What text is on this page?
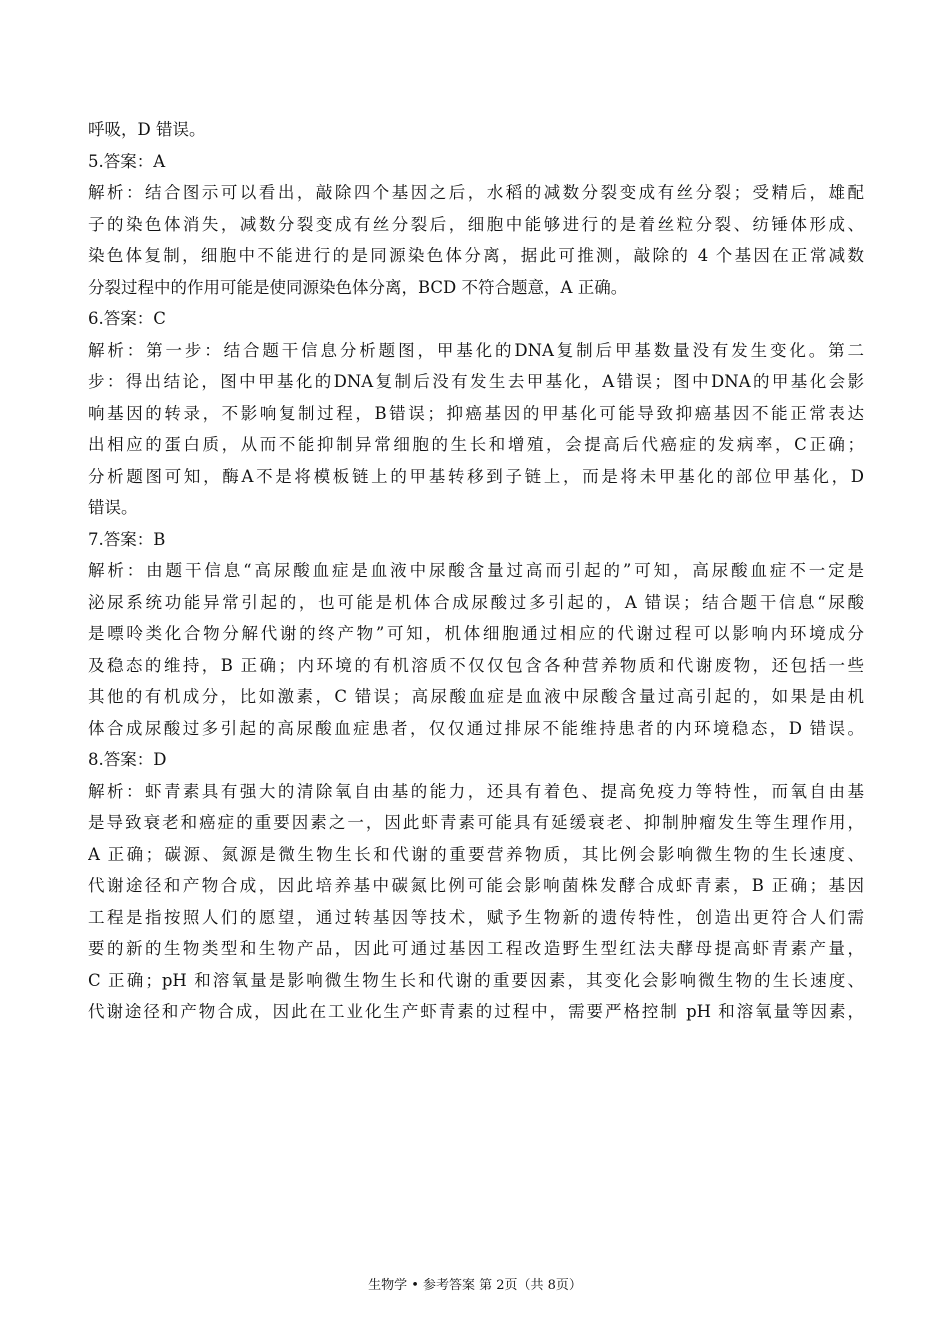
呼吸，D 错误。
5.答案：A
解析：结合图示可以看出，敲除四个基因之后，水稻的减数分裂变成有丝分裂；受精后，雄配
子的染色体消失，减数分裂变成有丝分裂后，细胞中能够进行的是着丝粒分裂、纺锤体形成、
染色体复制，细胞中不能进行的是同源染色体分离，据此可推测，敲除的 4 个基因在正常减数
分裂过程中的作用可能是使同源染色体分离，BCD 不符合题意，A 正确。
6.答案：C
解析：第一步：结合题干信息分析题图，甲基化的DNA复制后甲基数量没有发生变化。第二
步：得出结论，图中甲基化的DNA复制后没有发生去甲基化，A错误；图中DNA的甲基化会影
响基因的转录，不影响复制过程，B错误；抑癌基因的甲基化可能导致抑癌基因不能正常表达
出相应的蛋白质，从而不能抑制异常细胞的生长和增殖，会提高后代癌症的发病率，C正确；
分析题图可知，酶A不是将模板链上的甲基转移到子链上，而是将未甲基化的部位甲基化，D
错误。
7.答案：B
解析：由题干信息“高尿酸血症是血液中尿酸含量过高而引起的”可知，高尿酸血症不一定是
泌尿系统功能异常引起的，也可能是机体合成尿酸过多引起的，A 错误；结合题干信息“尿酸
是嘌呤类化合物分解代谢的终产物”可知，机体细胞通过相应的代谢过程可以影响内环境成分
及稳态的维持，B 正确；内环境的有机溶质不仅仅包含各种营养物质和代谢废物，还包括一些
其他的有机成分，比如激素，C 错误；高尿酸血症是血液中尿酸含量过高引起的，如果是由机
体合成尿酸过多引起的高尿酸血症患者，仅仅通过排尿不能维持患者的内环境稳态，D 错误。
8.答案：D
解析：虾青素具有强大的清除氧自由基的能力，还具有着色、提高免疫力等特性，而氧自由基
是导致衰老和癌症的重要因素之一，因此虾青素可能具有延缓衰老、抑制肿瘤发生等生理作用，
A 正确；碳源、氮源是微生物生长和代谢的重要营养物质，其比例会影响微生物的生长速度、
代谢途径和产物合成，因此培养基中碳氮比例可能会影响菌株发酵合成虾青素，B 正确；基因
工程是指按照人们的愿望，通过转基因等技术，赋予生物新的遗传特性，创造出更符合人们需
要的新的生物类型和生物产品，因此可通过基因工程改造野生型红法夫酵母提高虾青素产量，
C 正确；pH 和溶氧量是影响微生物生长和代谢的重要因素，其变化会影响微生物的生长速度、
代谢途径和产物合成，因此在工业化生产虾青素的过程中，需要严格控制 pH 和溶氧量等因素，
生物学 • 参考答案 第 2页（共 8页）
